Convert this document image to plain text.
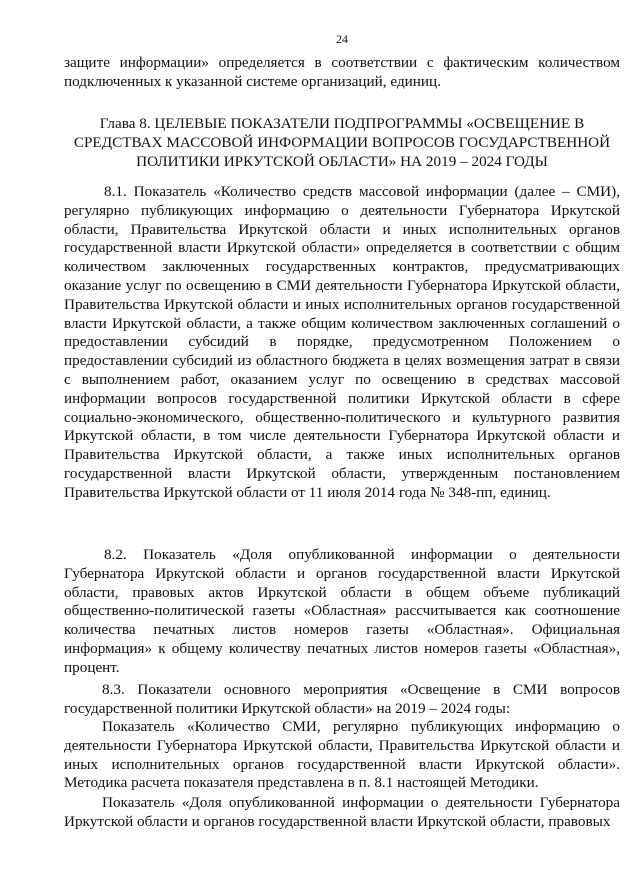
24

защите информации» определяется в соответствии с фактическим количеством подключенных к указанной системе организаций, единиц.

Глава 8. ЦЕЛЕВЫЕ ПОКАЗАТЕЛИ ПОДПРОГРАММЫ «ОСВЕЩЕНИЕ В СРЕДСТВАХ МАССОВОЙ ИНФОРМАЦИИ ВОПРОСОВ ГОСУДАРСТВЕННОЙ ПОЛИТИКИ ИРКУТСКОЙ ОБЛАСТИ» НА 2019 – 2024 ГОДЫ

8.1. Показатель «Количество средств массовой информации (далее – СМИ), регулярно публикующих информацию о деятельности Губернатора Иркутской области, Правительства Иркутской области и иных исполнительных органов государственной власти Иркутской области» определяется в соответствии с общим количеством заключенных государственных контрактов, предусматривающих оказание услуг по освещению в СМИ деятельности Губернатора Иркутской области, Правительства Иркутской области и иных исполнительных органов государственной власти Иркутской области, а также общим количеством заключенных соглашений о предоставлении субсидий в порядке, предусмотренном Положением о предоставлении субсидий из областного бюджета в целях возмещения затрат в связи с выполнением работ, оказанием услуг по освещению в средствах массовой информации вопросов государственной политики Иркутской области в сфере социально-экономического, общественно-политического и культурного развития Иркутской области, в том числе деятельности Губернатора Иркутской области и Правительства Иркутской области, а также иных исполнительных органов государственной власти Иркутской области, утвержденным постановлением Правительства Иркутской области от 11 июля 2014 года № 348-пп, единиц.

8.2. Показатель «Доля опубликованной информации о деятельности Губернатора Иркутской области и органов государственной власти Иркутской области, правовых актов Иркутской области в общем объеме публикаций общественно-политической газеты «Областная» рассчитывается как соотношение количества печатных листов номеров газеты «Областная». Официальная информация» к общему количеству печатных листов номеров газеты «Областная», процент.

8.3. Показатели основного мероприятия «Освещение в СМИ вопросов государственной политики Иркутской области» на 2019 – 2024 годы:

Показатель «Количество СМИ, регулярно публикующих информацию о деятельности Губернатора Иркутской области, Правительства Иркутской области и иных исполнительных органов государственной власти Иркутской области». Методика расчета показателя представлена в п. 8.1 настоящей Методики.

Показатель «Доля опубликованной информации о деятельности Губернатора Иркутской области и органов государственной власти Иркутской области, правовых
